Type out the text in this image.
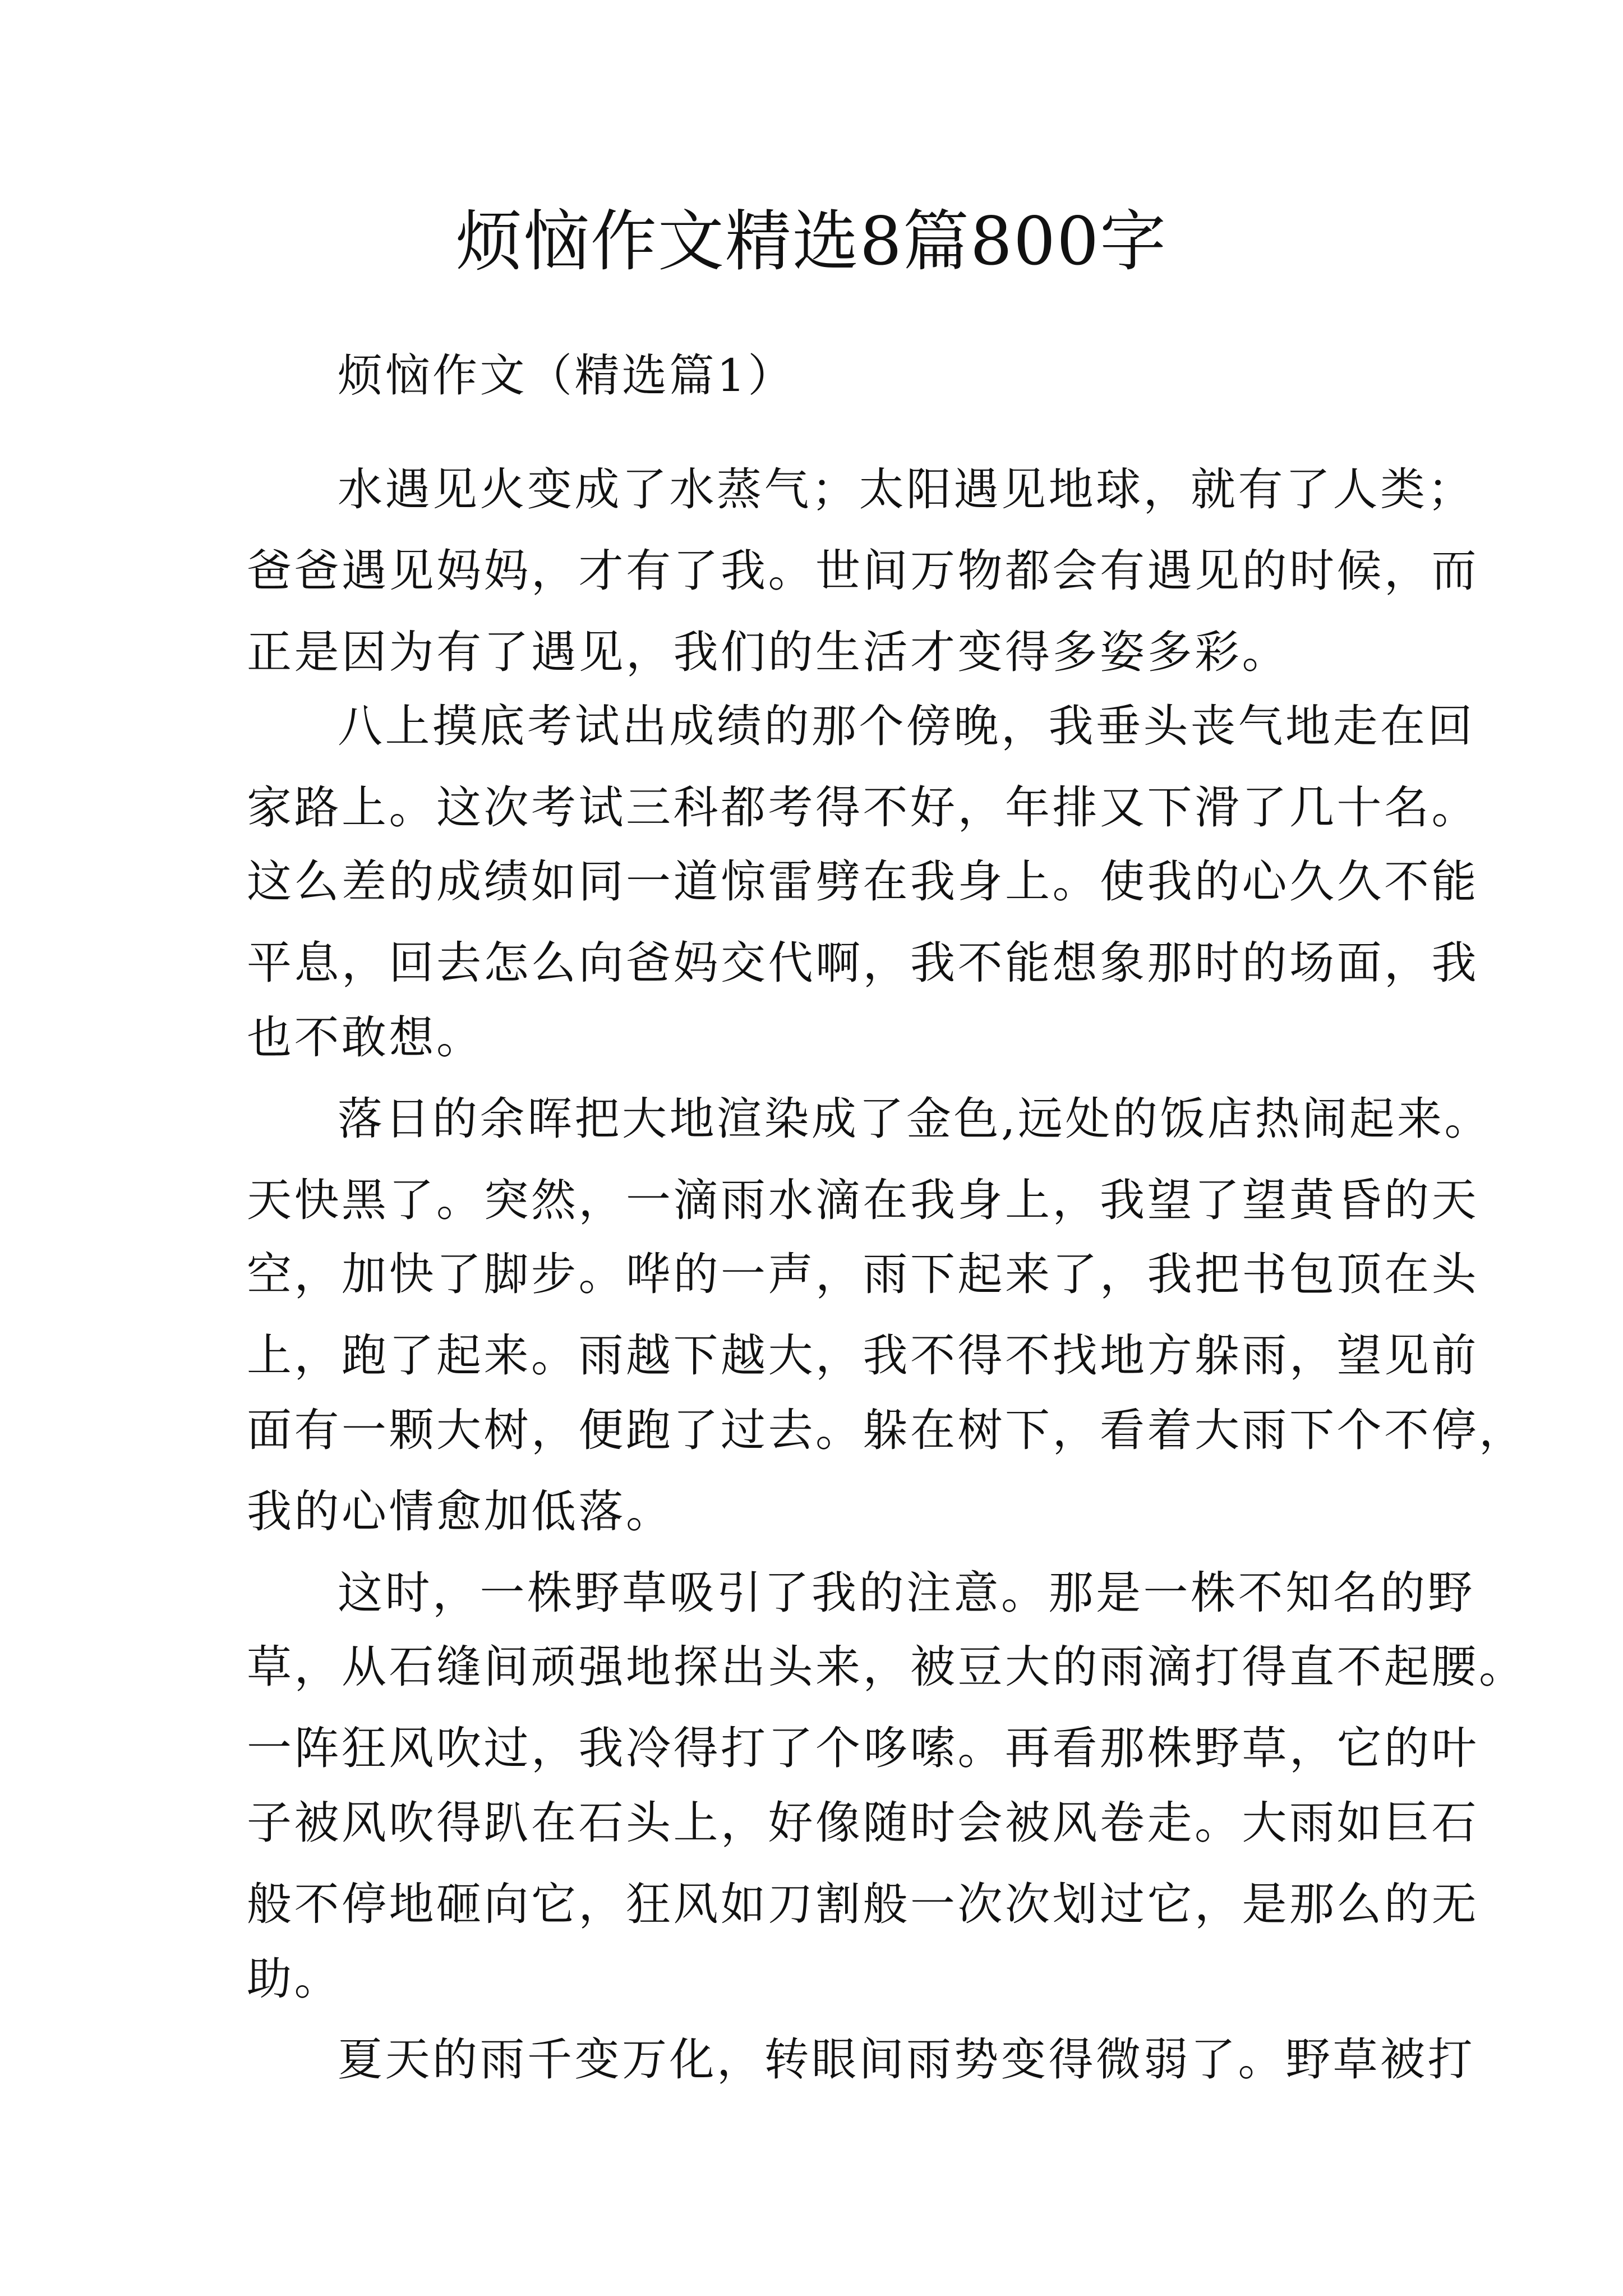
烦恼作文精选8篇800字
烦恼作文（精选篇1）
水遇见火变成了水蒸气；太阳遇见地球，就有了人类；
爸爸遇见妈妈，才有了我。世间万物都会有遇见的时候，而
正是因为有了遇见，我们的生活才变得多姿多彩。
八上摸底考试出成绩的那个傍晚，我垂头丧气地走在回
家路上。这次考试三科都考得不好，年排又下滑了几十名。
这么差的成绩如同一道惊雷劈在我身上。使我的心久久不能
平息，回去怎么向爸妈交代啊，我不能想象那时的场面，我
也不敢想。
落日的余晖把大地渲染成了金色,远处的饭店热闹起来。
天快黑了。突然，一滴雨水滴在我身上，我望了望黄昏的天
空，加快了脚步。哗的一声，雨下起来了，我把书包顶在头
上，跑了起来。雨越下越大，我不得不找地方躲雨，望见前
面有一颗大树，便跑了过去。躲在树下，看着大雨下个不停，
我的心情愈加低落。
这时，一株野草吸引了我的注意。那是一株不知名的野
草，从石缝间顽强地探出头来，被豆大的雨滴打得直不起腰。
一阵狂风吹过，我冷得打了个哆嗦。再看那株野草，它的叶
子被风吹得趴在石头上，好像随时会被风卷走。大雨如巨石
般不停地砸向它，狂风如刀割般一次次划过它，是那么的无
助。
夏天的雨千变万化，转眼间雨势变得微弱了。野草被打
